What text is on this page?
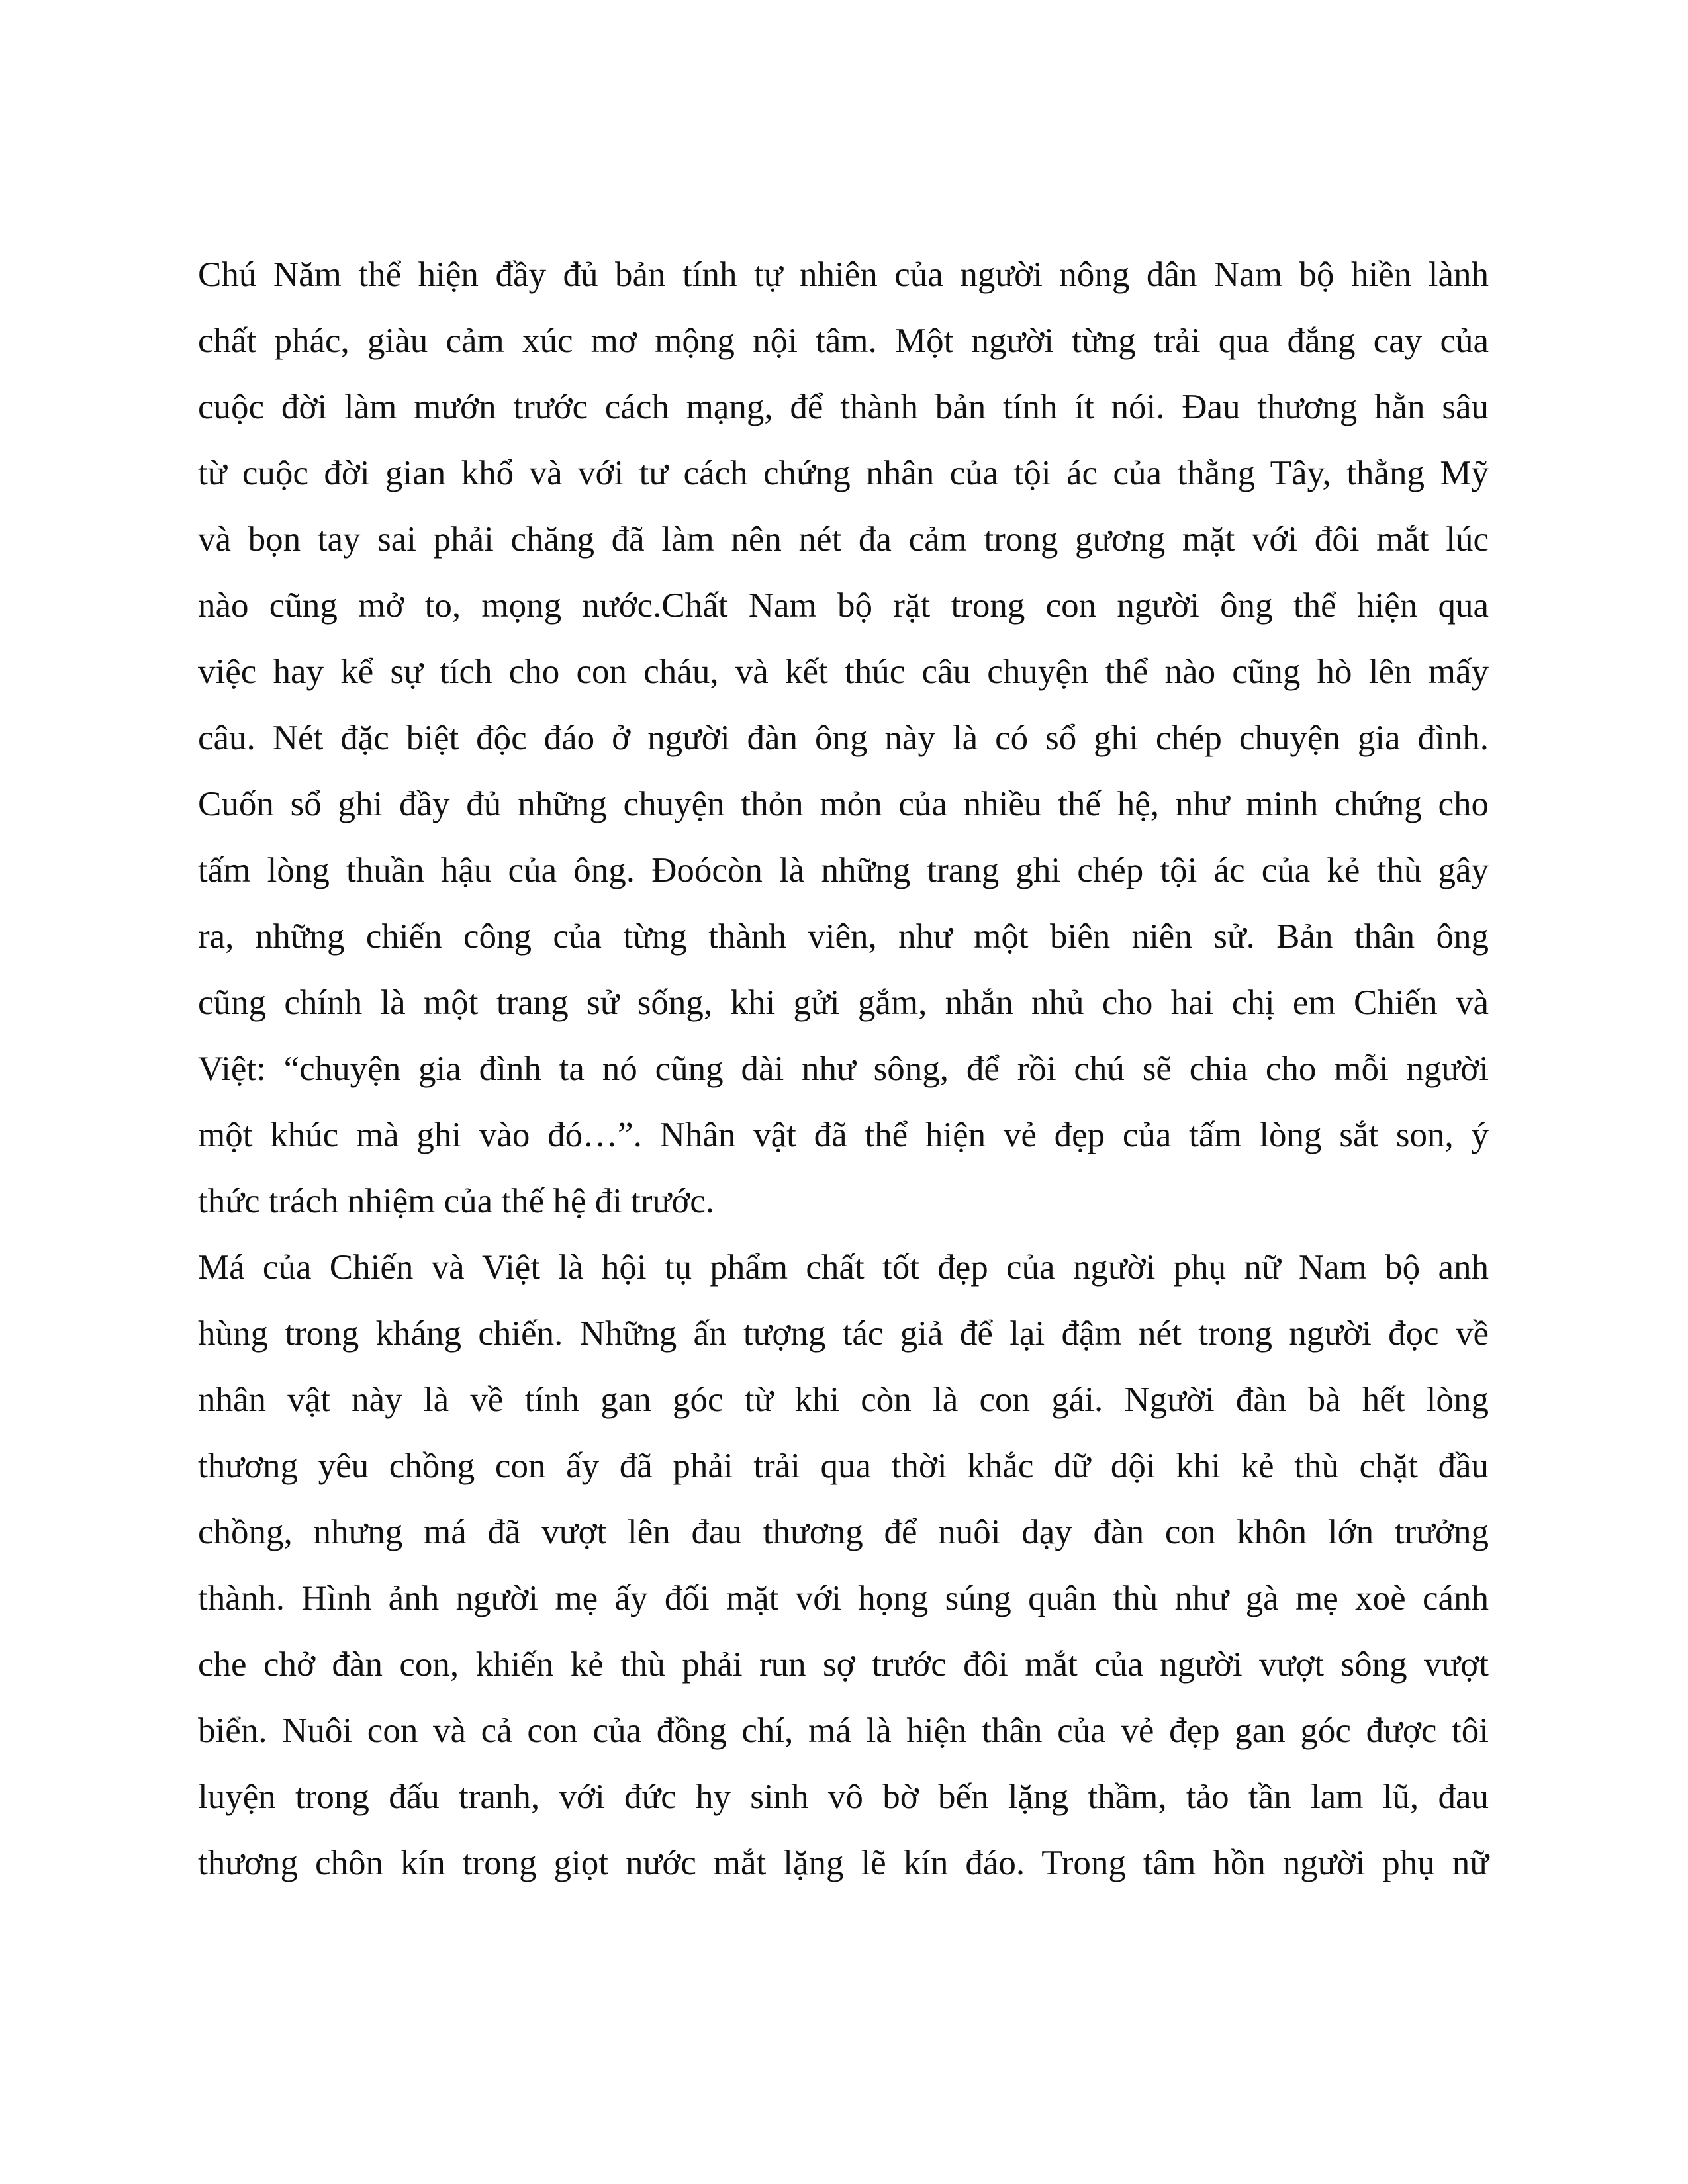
Chú Năm thể hiện đầy đủ bản tính tự nhiên của người nông dân Nam bộ hiền lành
chất phác, giàu cảm xúc mơ mộng nội tâm. Một người từng trải qua đắng cay của
cuộc đời làm mướn trước cách mạng, để thành bản tính ít nói. Đau thương hằn sâu
từ cuộc đời gian khổ và với tư cách chứng nhân của tội ác của thằng Tây, thằng Mỹ
và bọn tay sai phải chăng đã làm nên nét đa cảm trong gương mặt với đôi mắt lúc
nào cũng mở to, mọng nước.Chất Nam bộ rặt trong con người ông thể hiện qua
việc hay kể sự tích cho con cháu, và kết thúc câu chuyện thể nào cũng hò lên mấy
câu. Nét đặc biệt độc đáo ở người đàn ông này là có sổ ghi chép chuyện gia đình.
Cuốn sổ ghi đầy đủ những chuyện thỏn mỏn của nhiều thế hệ, như minh chứng cho
tấm lòng thuần hậu của ông. Đoócòn là những trang ghi chép tội ác của kẻ thù gây
ra, những chiến công của từng thành viên, như một biên niên sử. Bản thân ông
cũng chính là một trang sử sống, khi gửi gắm, nhắn nhủ cho hai chị em Chiến và
Việt: “chuyện gia đình ta nó cũng dài như sông, để rồi chú sẽ chia cho mỗi người
một khúc mà ghi vào đó…”. Nhân vật đã thể hiện vẻ đẹp của tấm lòng sắt son, ý
thức trách nhiệm của thế hệ đi trước.
Má của Chiến và Việt là hội tụ phẩm chất tốt đẹp của người phụ nữ Nam bộ anh
hùng trong kháng chiến. Những ấn tượng tác giả để lại đậm nét trong người đọc về
nhân vật này là về tính gan góc từ khi còn là con gái. Người đàn bà hết lòng
thương yêu chồng con ấy đã phải trải qua thời khắc dữ dội khi kẻ thù chặt đầu
chồng, nhưng má đã vượt lên đau thương để nuôi dạy đàn con khôn lớn trưởng
thành. Hình ảnh người mẹ ấy đối mặt với họng súng quân thù như gà mẹ xoè cánh
che chở đàn con, khiến kẻ thù phải run sợ trước đôi mắt của người vượt sông vượt
biển. Nuôi con và cả con của đồng chí, má là hiện thân của vẻ đẹp gan góc được tôi
luyện trong đấu tranh, với đức hy sinh vô bờ bến lặng thầm, tảo tần lam lũ, đau
thương chôn kín trong giọt nước mắt lặng lẽ kín đáo. Trong tâm hồn người phụ nữ
